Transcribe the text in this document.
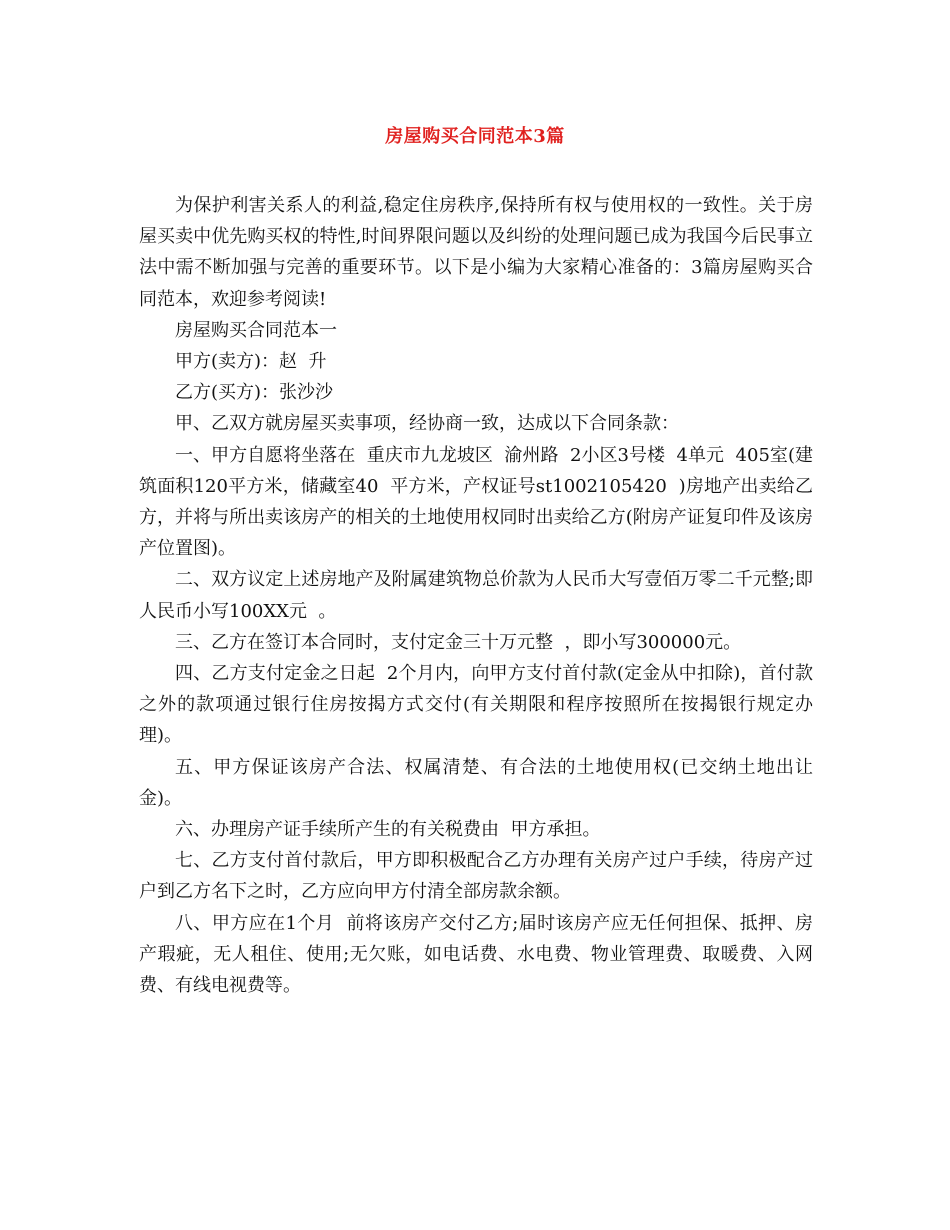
房屋购买合同范本3篇

为保护利害关系人的利益,稳定住房秩序,保持所有权与使用权的一致性。关于房屋买卖中优先购买权的特性,时间界限问题以及纠纷的处理问题已成为我国今后民事立法中需不断加强与完善的重要环节。以下是小编为大家精心准备的：3篇房屋购买合同范本，欢迎参考阅读!

房屋购买合同范本一

甲方(卖方)：赵  升

乙方(买方)：张沙沙

甲、乙双方就房屋买卖事项，经协商一致，达成以下合同条款：

一、甲方自愿将坐落在  重庆市九龙坡区  渝州路  2小区3号楼  4单元  405室(建筑面积120平方米，储藏室40  平方米，产权证号st1002105420  )房地产出卖给乙方，并将与所出卖该房产的相关的土地使用权同时出卖给乙方(附房产证复印件及该房产位置图)。

二、双方议定上述房地产及附属建筑物总价款为人民币大写壹佰万零二千元整;即人民币小写100XX元  。

三、乙方在签订本合同时，支付定金三十万元整  ，即小写300000元。

四、乙方支付定金之日起  2个月内，向甲方支付首付款(定金从中扣除)，首付款之外的款项通过银行住房按揭方式交付(有关期限和程序按照所在按揭银行规定办理)。

五、甲方保证该房产合法、权属清楚、有合法的土地使用权(已交纳土地出让金)。

六、办理房产证手续所产生的有关税费由  甲方承担。

七、乙方支付首付款后，甲方即积极配合乙方办理有关房产过户手续，待房产过户到乙方名下之时，乙方应向甲方付清全部房款余额。

八、甲方应在1个月  前将该房产交付乙方;届时该房产应无任何担保、抵押、房产瑕疵，无人租住、使用;无欠账，如电话费、水电费、物业管理费、取暖费、入网费、有线电视费等。
